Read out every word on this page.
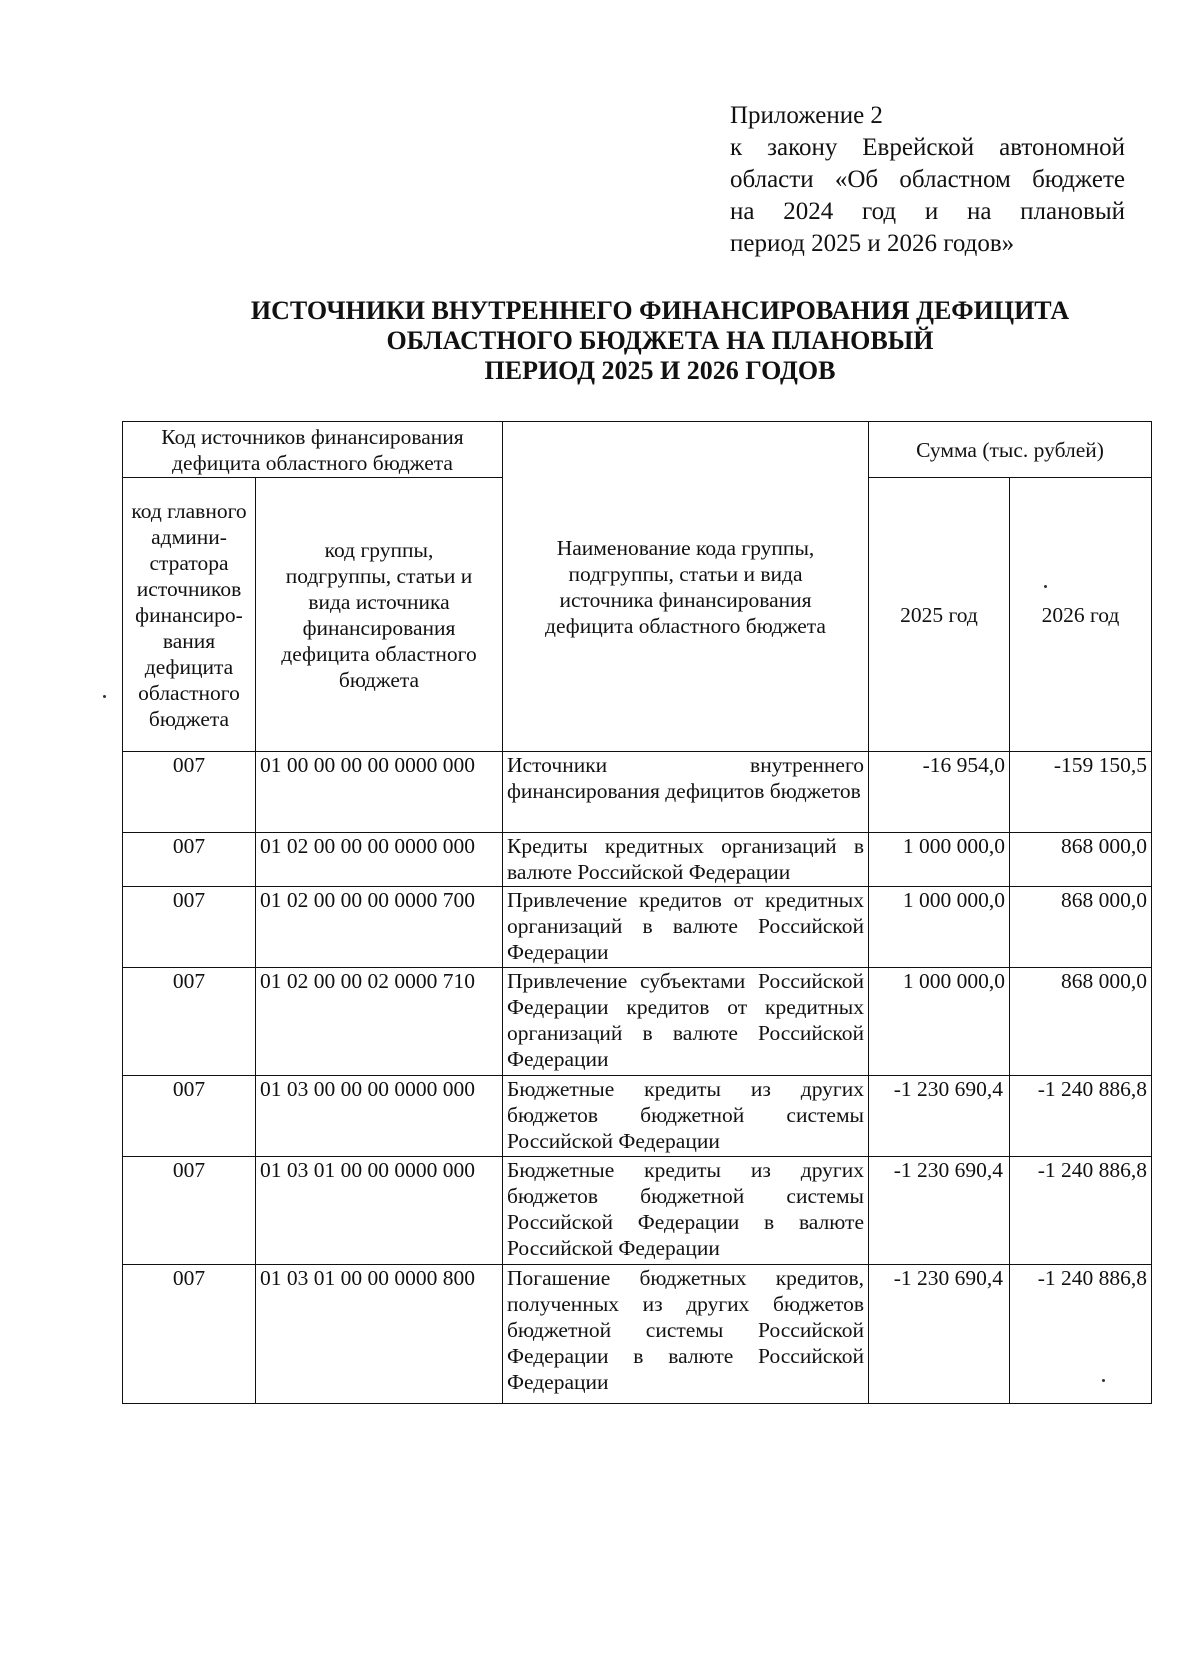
Приложение 2
к закону Еврейской автономной
области «Об областном бюджете
на 2024 год и на плановый
период 2025 и 2026 годов»
ИСТОЧНИКИ ВНУТРЕННЕГО ФИНАНСИРОВАНИЯ ДЕФИЦИТА
ОБЛАСТНОГО БЮДЖЕТА НА ПЛАНОВЫЙ
ПЕРИОД 2025 И 2026 ГОДОВ
Код источников финансирования дефицита областного бюджета		Наименование кода группы, подгруппы, статьи и вида источника финансирования дефицита областного бюджета	Сумма (тыс. рублей)	
код главного админи-стратора источников финансиро-вания дефицита областного бюджета	код группы, подгруппы, статьи и вида источника финансирования дефицита областного бюджета		2025 год	2026 год
007	01 00 00 00 00 0000 000	Источники внутреннего финансирования дефицитов бюджетов	-16 954,0	-159 150,5
007	01 02 00 00 00 0000 000	Кредиты кредитных организаций в валюте Российской Федерации	1 000 000,0	868 000,0
007	01 02 00 00 00 0000 700	Привлечение кредитов от кредитных организаций в валюте Российской Федерации	1 000 000,0	868 000,0
007	01 02 00 00 02 0000 710	Привлечение субъектами Российской Федерации кредитов от кредитных организаций в валюте Российской Федерации	1 000 000,0	868 000,0
007	01 03 00 00 00 0000 000	Бюджетные кредиты из других бюджетов бюджетной системы Российской Федерации	-1 230 690,4	-1 240 886,8
007	01 03 01 00 00 0000 000	Бюджетные кредиты из других бюджетов бюджетной системы Российской Федерации в валюте Российской Федерации	-1 230 690,4	-1 240 886,8
007	01 03 01 00 00 0000 800	Погашение бюджетных кредитов, полученных из других бюджетов бюджетной системы Российской Федерации в валюте Российской Федерации	-1 230 690,4	-1 240 886,8
